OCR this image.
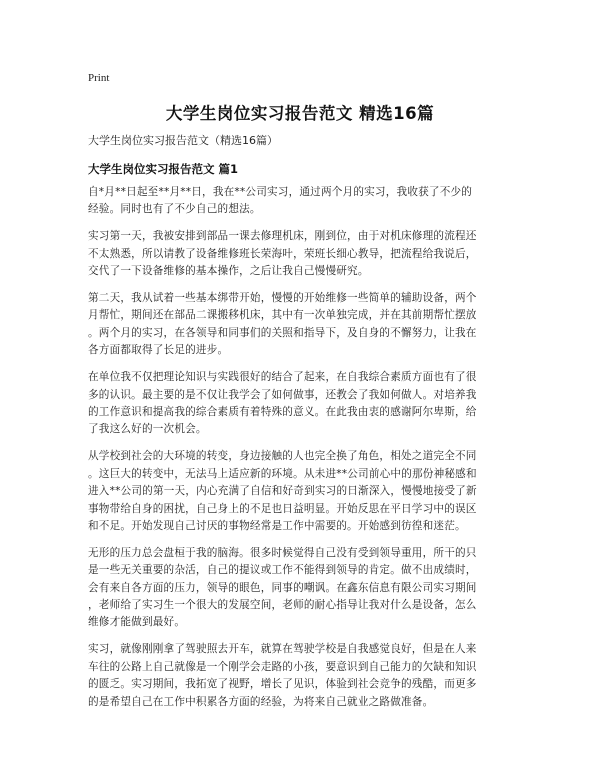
Print
大学生岗位实习报告范文 精选16篇
大学生岗位实习报告范文（精选16篇）
大学生岗位实习报告范文 篇1

自*月**日起至**月**日，我在**公司实习，通过两个月的实习，我收获了不少的
经验。同时也有了不少自己的想法。

实习第一天，我被安排到部品一课去修理机床，刚到位，由于对机床修理的流程还
不太熟悉，所以请教了设备维修班长荣海叶，荣班长细心教导，把流程给我说后，
交代了一下设备维修的基本操作，之后让我自己慢慢研究。

第二天，我从试着一些基本绑带开始，慢慢的开始维修一些简单的辅助设备，两个
月帮忙，期间还在部品二课搬移机床，其中有一次单独完成，并在其前期帮忙摆放
。两个月的实习，在各领导和同事们的关照和指导下，及自身的不懈努力，让我在
各方面都取得了长足的进步。

在单位我不仅把理论知识与实践很好的结合了起来，在自我综合素质方面也有了很
多的认识。最主要的是不仅让我学会了如何做事，还教会了我如何做人。对培养我
的工作意识和提高我的综合素质有着特殊的意义。在此我由衷的感谢阿尔卑斯，给
了我这么好的一次机会。

从学校到社会的大环境的转变，身边接触的人也完全换了角色，相处之道完全不同
。这巨大的转变中，无法马上适应新的环境。从未进**公司前心中的那份神秘感和
进入**公司的第一天，内心充满了自信和好奇到实习的日渐深入，慢慢地接受了新
事物带给自身的困扰，自己身上的不足也日益明显。开始反思在平日学习中的误区
和不足。开始发现自己讨厌的事物经常是工作中需要的。开始感到彷徨和迷茫。

无形的压力总会盘桓于我的脑海。很多时候觉得自己没有受到领导重用，所干的只
是一些无关重要的杂活，自己的提议或工作不能得到领导的肯定。做不出成绩时，
会有来自各方面的压力，领导的眼色，同事的嘲讽。在鑫东信息有限公司实习期间
，老师给了实习生一个很大的发展空间，老师的耐心指导让我对什么是设备，怎么
维修才能做到最好。

实习，就像刚刚拿了驾驶照去开车，就算在驾驶学校是自我感觉良好，但是在人来
车往的公路上自己就像是一个刚学会走路的小孩，要意识到自己能力的欠缺和知识
的匮乏。实习期间，我拓宽了视野，增长了见识，体验到社会竞争的残酷，而更多
的是希望自己在工作中积累各方面的经验，为将来自己就业之路做准备。
